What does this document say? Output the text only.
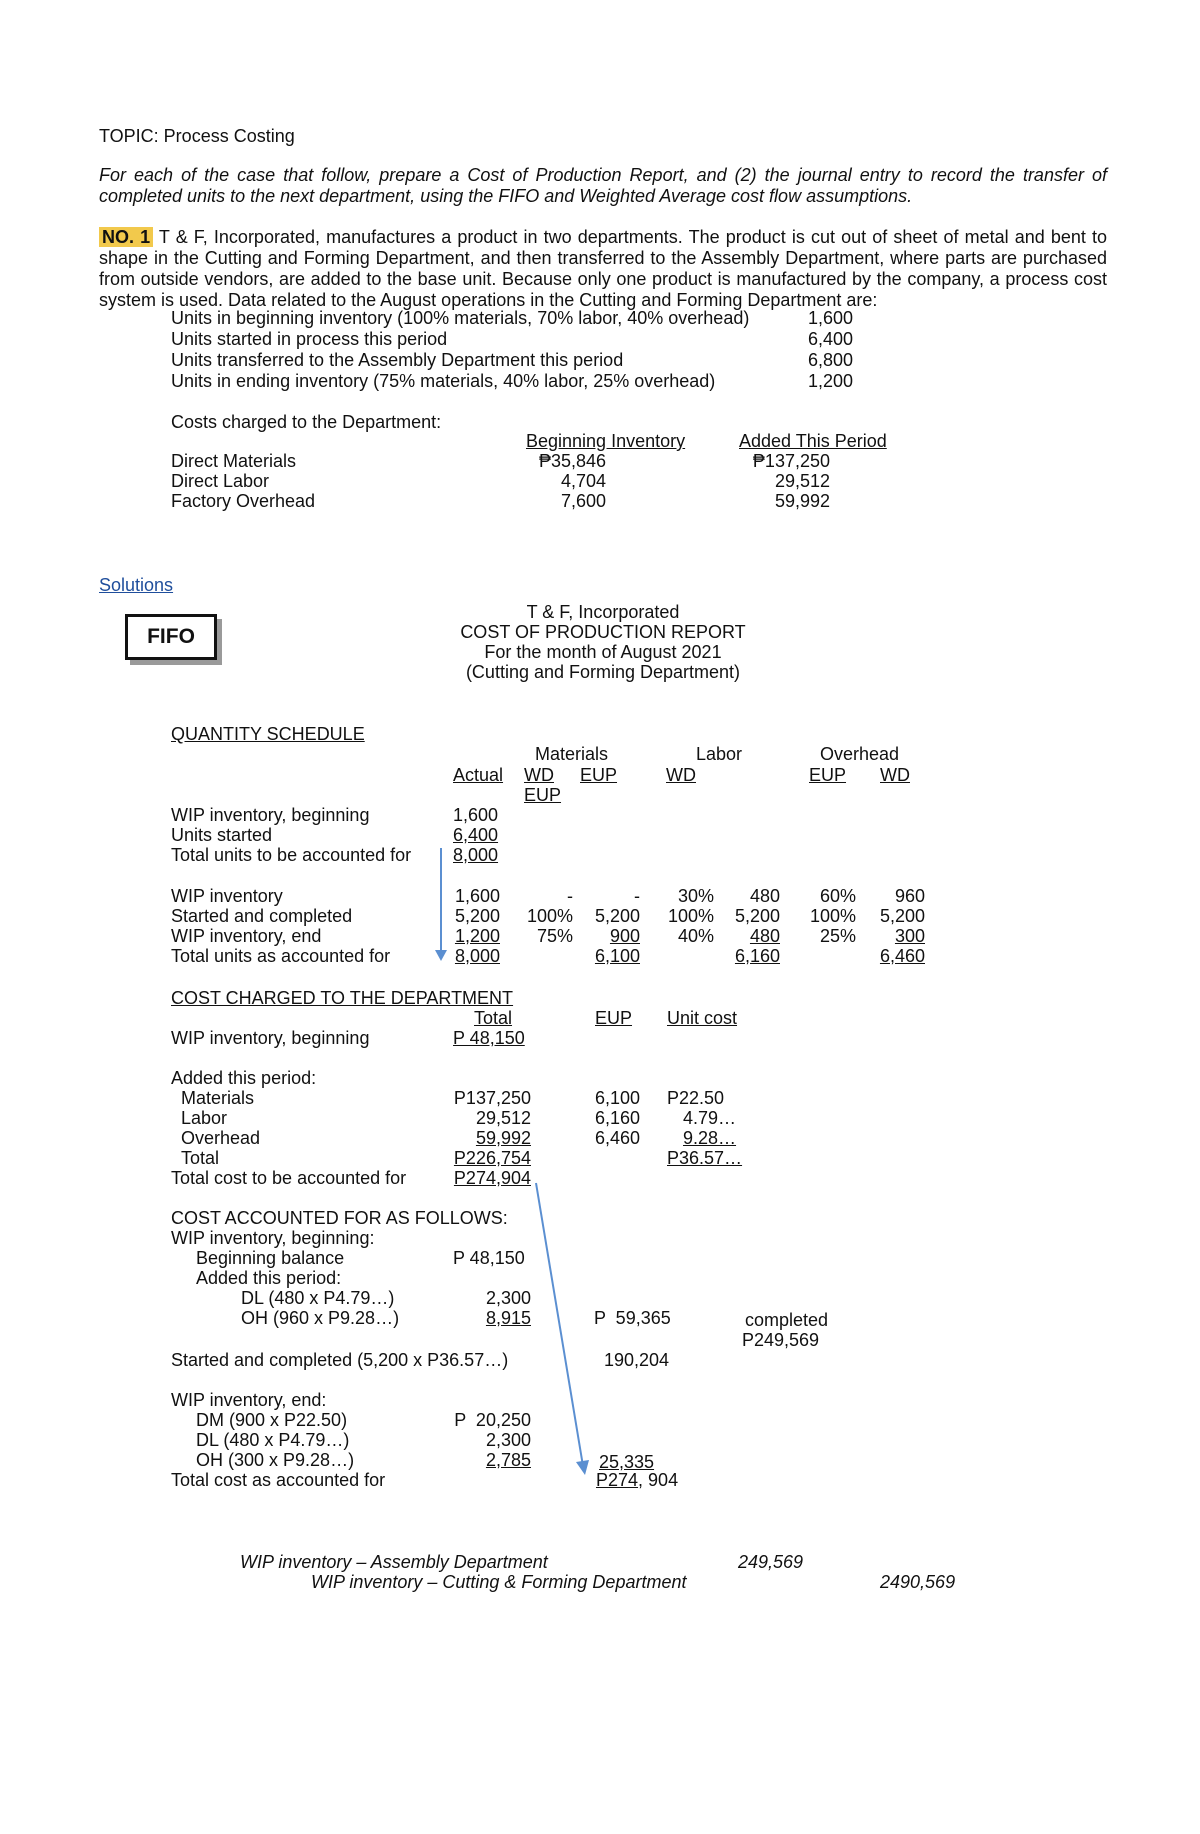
TOPIC: Process Costing
For each of the case that follow, prepare a Cost of Production Report, and (2) the journal entry to record the transfer of completed units to the next department, using the FIFO and Weighted Average cost flow assumptions.
NO. 1 T & F, Incorporated, manufactures a product in two departments. The product is cut out of sheet of metal and bent to shape in the Cutting and Forming Department, and then transferred to the Assembly Department, where parts are purchased from outside vendors, are added to the base unit. Because only one product is manufactured by the company, a process cost system is used. Data related to the August operations in the Cutting and Forming Department are:
Units in beginning inventory (100% materials, 70% labor, 40% overhead)	1,600
Units started in process this period	6,400
Units transferred to the Assembly Department this period	6,800
Units in ending inventory (75% materials, 40% labor, 25% overhead)	1,200
Costs charged to the Department:
Beginning Inventory	Added This Period
Direct Materials	₱35,846	₱137,250
Direct Labor	4,704	29,512
Factory Overhead	7,600	59,992
Solutions
FIFO
T & F, Incorporated
COST OF PRODUCTION REPORT
For the month of August 2021
(Cutting and Forming Department)
QUANTITY SCHEDULE
Materials	Labor	Overhead
Actual WD EUP	WD	EUP WD
EUP
WIP inventory, beginning	1,600
Units started	6,400
Total units to be accounted for 8,000
WIP inventory	1,600	-	-	30%	480	60%	960
Started and completed	5,200	100% 5,200	100% 5,200	100%	5,200
WIP inventory, end	1,200	75%	900	40%	480	25%	300
Total units as accounted for	8,000	6,100	6,160	6,460
COST CHARGED TO THE DEPARTMENT
Total	EUP Unit cost
WIP inventory, beginning	P 48,150
Added this period:
Materials	P137,250	6,100 P22.50
Labor	29,512	6,160 4.79…
Overhead	59,992	6,460	9.28…
Total	P226,754	P36.57…
Total cost to be accounted for	P274,904
COST ACCOUNTED FOR AS FOLLOWS:
WIP inventory, beginning:
Beginning balance	P 48,150
Added this period:
DL (480 x P4.79…)	2,300
OH (960 x P9.28…)	8,915	P  59,365	completed
P249,569
Started and completed (5,200 x P36.57…)	190,204
WIP inventory, end:
DM (900 x P22.50)	P  20,250
DL (480 x P4.79…)	2,300
OH (300 x P9.28…)	2,785	25,335
Total cost as accounted for	P274, 904
WIP inventory – Assembly Department	249,569
WIP inventory – Cutting & Forming Department	2490,569
